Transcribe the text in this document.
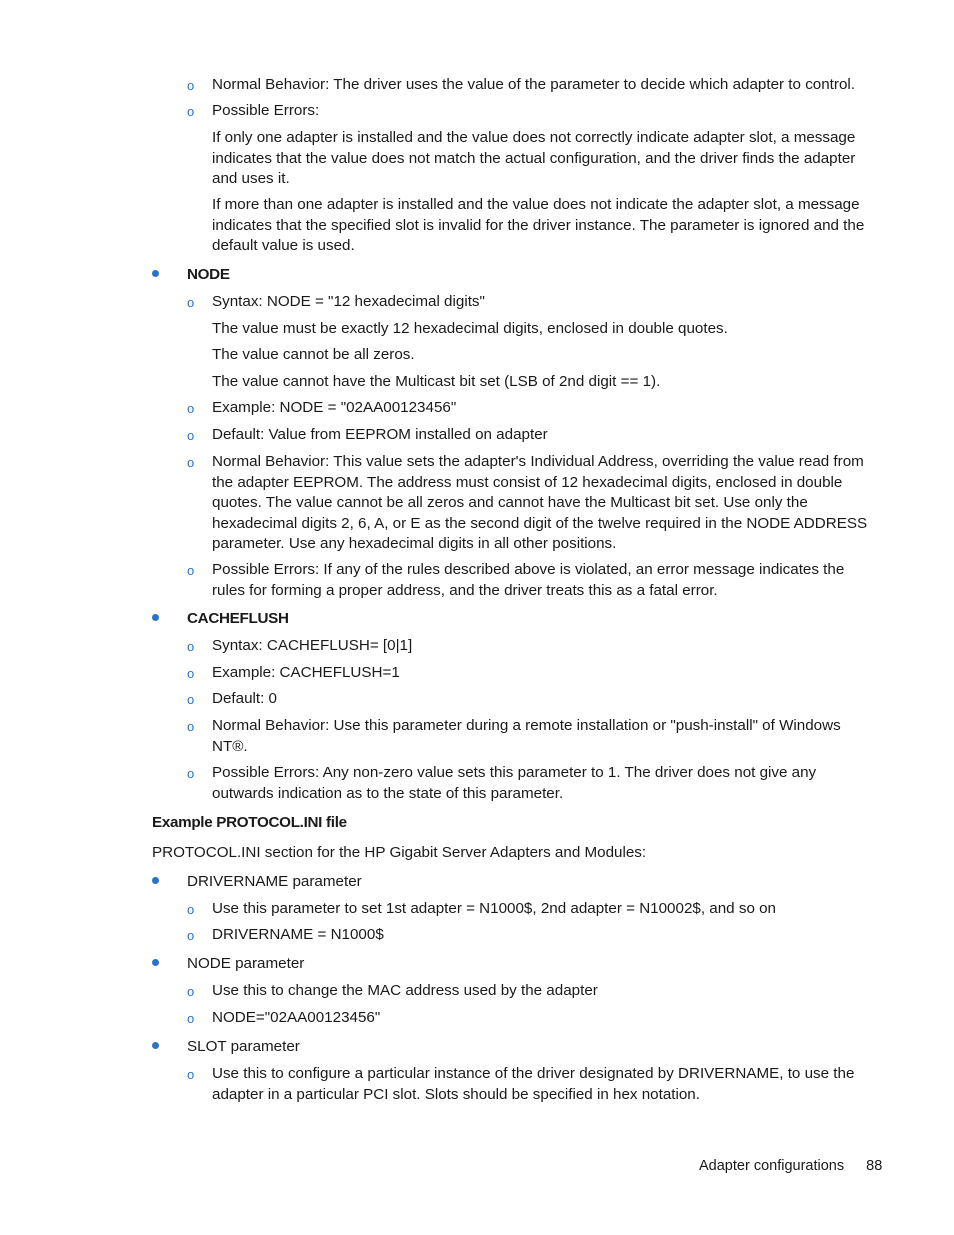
o Normal Behavior: The driver uses the value of the parameter to decide which adapter to control.
o Possible Errors:
If only one adapter is installed and the value does not correctly indicate adapter slot, a message indicates that the value does not match the actual configuration, and the driver finds the adapter and uses it.
If more than one adapter is installed and the value does not indicate the adapter slot, a message indicates that the specified slot is invalid for the driver instance. The parameter is ignored and the default value is used.
NODE
o Syntax: NODE = "12 hexadecimal digits"
The value must be exactly 12 hexadecimal digits, enclosed in double quotes.
The value cannot be all zeros.
The value cannot have the Multicast bit set (LSB of 2nd digit == 1).
o Example: NODE = "02AA00123456"
o Default: Value from EEPROM installed on adapter
o Normal Behavior: This value sets the adapter's Individual Address, overriding the value read from the adapter EEPROM. The address must consist of 12 hexadecimal digits, enclosed in double quotes. The value cannot be all zeros and cannot have the Multicast bit set. Use only the hexadecimal digits 2, 6, A, or E as the second digit of the twelve required in the NODE ADDRESS parameter. Use any hexadecimal digits in all other positions.
o Possible Errors: If any of the rules described above is violated, an error message indicates the rules for forming a proper address, and the driver treats this as a fatal error.
CACHEFLUSH
o Syntax: CACHEFLUSH= [0|1]
o Example: CACHEFLUSH=1
o Default: 0
o Normal Behavior: Use this parameter during a remote installation or "push-install" of Windows NT®.
o Possible Errors: Any non-zero value sets this parameter to 1. The driver does not give any outwards indication as to the state of this parameter.
Example PROTOCOL.INI file
PROTOCOL.INI section for the HP Gigabit Server Adapters and Modules:
DRIVERNAME parameter
o Use this parameter to set 1st adapter = N1000$, 2nd adapter = N10002$, and so on
o DRIVERNAME = N1000$
NODE parameter
o Use this to change the MAC address used by the adapter
o NODE="02AA00123456"
SLOT parameter
o Use this to configure a particular instance of the driver designated by DRIVERNAME, to use the adapter in a particular PCI slot. Slots should be specified in hex notation.
Adapter configurations 88
